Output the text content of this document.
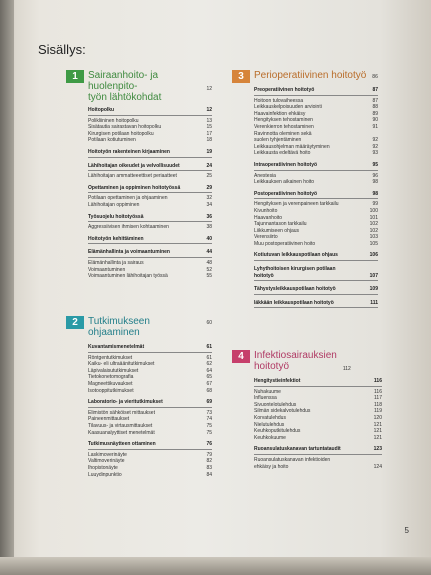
Sisällys:
1	Sairaanhoito- ja huolenpito-
työn lähtökohdat
12
Hoitopolku	12
Polikliininen hoitopolku	13
Sisätautia sairastavan hoitopolku	15
Kirurgisen potilaan hoitopolku	17
Potilaan kotiutuminen	18
Hoitotyön rakenteinen kirjaaminen	19
Lähihoitajan oikeudet ja velvollisuudet	24
Lähihoitajan ammatteeettiset periaatteet	25
Opettaminen ja oppiminen hoitotyössä	29
Potilaan opettaminen ja ohjaaminen	32
Lähihoitajan oppiminen	34
Työsuojelu hoitotyössä	36
Aggressiivisen ihmisen kohtaaminen	38
Hoitotyön kehittäminen	40
Elämänhallinta ja voimaantuminen	44
Elämänhallinta ja sairaus	48
Voimaantuminen	52
Voimaantuminen lähihoitajan työssä	55
2	Tutkimukseen ohjaaminen
60
Kuvantamismenetelmät	61
Röntgentutkimukset	61
Kaiku- eli ultraäänitutkimukset	62
Läpivalaisututkimukset	64
Tietokonetomografia	65
Magneettikuvaukset	67
Isotooppitutkimukset	68
Laboratorio- ja vieritutkimukset	69
Elimistön sähköiset mittaukset	73
Paineenmittaukset	74
Tilavuus- ja virtausmittaukset	75
Kaasuanalyyttiset menetelmät	75
Tutkimusnäytteen ottaminen	76
Laskimoverinäyte	79
Valtimoverinäyte	82
Ihopistonäyte	83
Luuydinpunktio	84
3	Perioperatiivinen hoitotyö 86
Preoperatiivinen hoitotyö	87
Hoitoon tulovaiheessa	87
Leikkauskelpoisuuden arviointi	88
Haavainfektion ehkäisy	89
Hengityksen tehostaminen	90
Verenkierron tehostaminen	91
Ravinnotta oleminen sekä
suolen tyhjentäminen	92
Leikkausohjelman määräytyminen	92
Leikkausta edeltävä hoito	93
Intraoperatiivinen hoitotyö	95
Anestesia	96
Leikkauksen aikainen hoito	98
Postoperatiivinen hoitotyö	98
Hengityksen ja verenpaineen tarkkailu	99
Kivunhoito	100
Haavanhoito	101
Tajunnantason tarkkailu	102
Liikkumiseen ohjaus	102
Verensiirto	103
Muu postoperatiivinen hoito	105
Kotiutuvan leikkauspotilaan ohjaus	106
Lyhythoitoisen kirurgisen potilaan
hoitotyö	107
Tähystysleikkauspotilaan hoitotyö	109
Iäkkään leikkauspotilaan hoitotyö	111
4	Infektiosairauksien
hoitotyö	112
Hengitystieinfektiot	116
Nuhakuume	116
Influenssa	117
Sivuontelotulehdus	118
Silmän sidekalvotulehdus	119
Korvatulehdus	120
Nielutulehdus	121
Keuhkoputkitulehdus	121
Keuhkokuume	121
Ruoansulatuskanavan tartuntataudit	123
Ruoansulatuskanavan infektioiden
ehkäisy ja hoito	124
5
